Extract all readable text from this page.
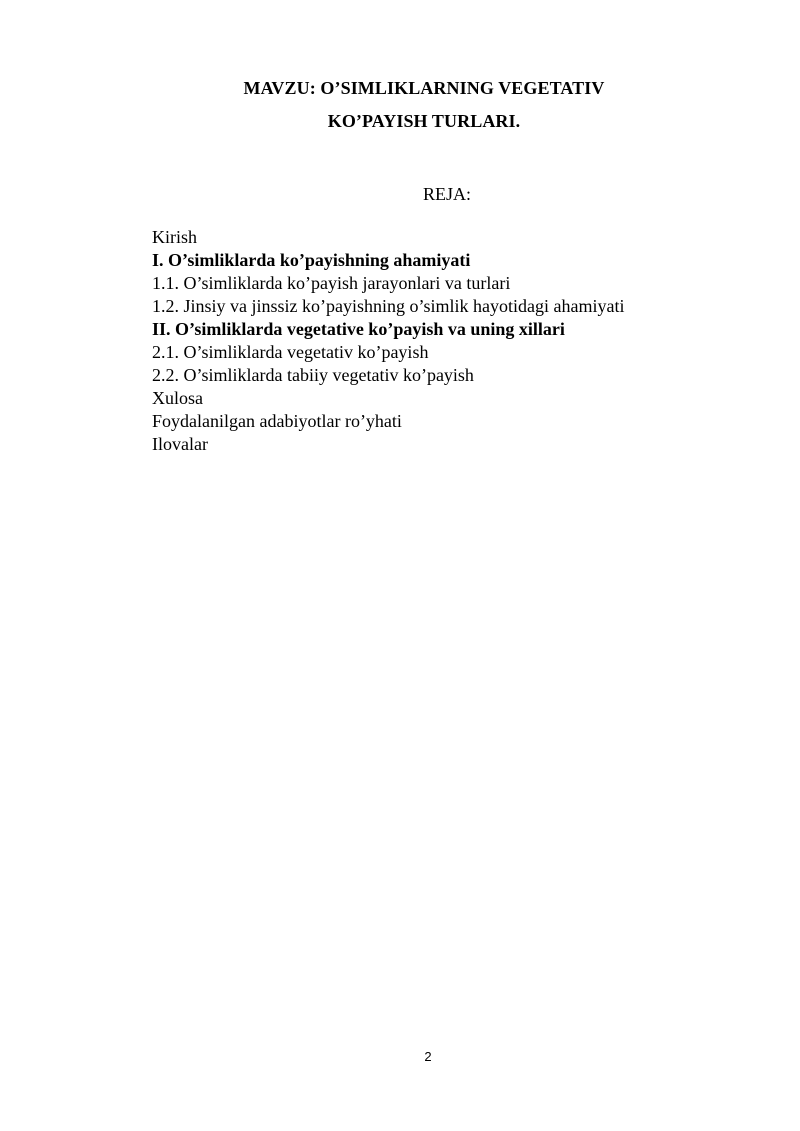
MAVZU: O’SIMLIKLARNING VEGETATIV
KO’PAYISH TURLARI.
REJA:
Kirish
I. O’simliklarda ko’payishning ahamiyati
1.1. O’simliklarda ko’payish jarayonlari va turlari
1.2. Jinsiy va jinssiz ko’payishning o’simlik hayotidagi ahamiyati
II. O’simliklarda vegetative ko’payish va uning xillari
2.1. O’simliklarda vegetativ ko’payish
2.2. O’simliklarda tabiiy vegetativ ko’payish
Xulosa
Foydalanilgan adabiyotlar ro’yhati
Ilovalar
2
